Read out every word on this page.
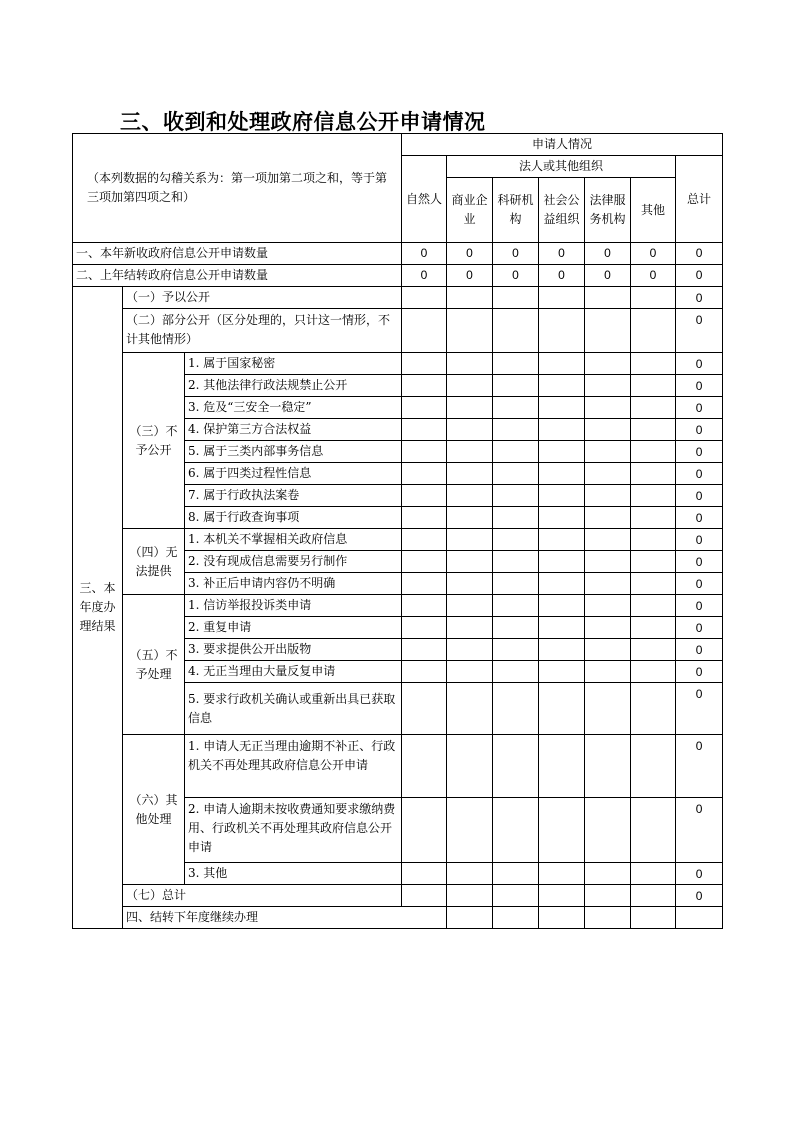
三、收到和处理政府信息公开申请情况
（本列数据的勾稽关系为：第一项加第二项之和，等于第三项加第四项之和）			申请人情况							
			自然人	法人或其他组织					总计	
				商业企业	科研机构	社会公益组织	法律服务机构	其他		

一、本年新收政府信息公开申请数量			0	0	0	0	0	0	0	
二、上年结转政府信息公开申请数量			0	0	0	0	0	0	0	
三、本年度办理结果	（一）予以公开								0	
	（二）部分公开（区分处理的，只计这一情形，不计其他情形）								0	
	（三）不予公开	1. 属于国家秘密							0	
		2. 其他法律行政法规禁止公开							0	
		3. 危及“三安全一稳定”							0	
		4. 保护第三方合法权益							0	
		5. 属于三类内部事务信息							0	
		6. 属于四类过程性信息							0	
		7. 属于行政执法案卷							0	
		8. 属于行政查询事项							0	
	（四）无法提供	1. 本机关不掌握相关政府信息							0	
		2. 没有现成信息需要另行制作							0	
		3. 补正后申请内容仍不明确							0	
	（五）不予处理	1. 信访举报投诉类申请							0	
		2. 重复申请							0	
		3. 要求提供公开出版物							0	
		4. 无正当理由大量反复申请							0	
		5. 要求行政机关确认或重新出具已获取信息							0	
	（六）其他处理	1. 申请人无正当理由逾期不补正、行政机关不再处理其政府信息公开申请							0	
		2. 申请人逾期未按收费通知要求缴纳费用、行政机关不再处理其政府信息公开申请							0	
		3. 其他							0	
	（七）总计								0	
	四、结转下年度继续办理							
